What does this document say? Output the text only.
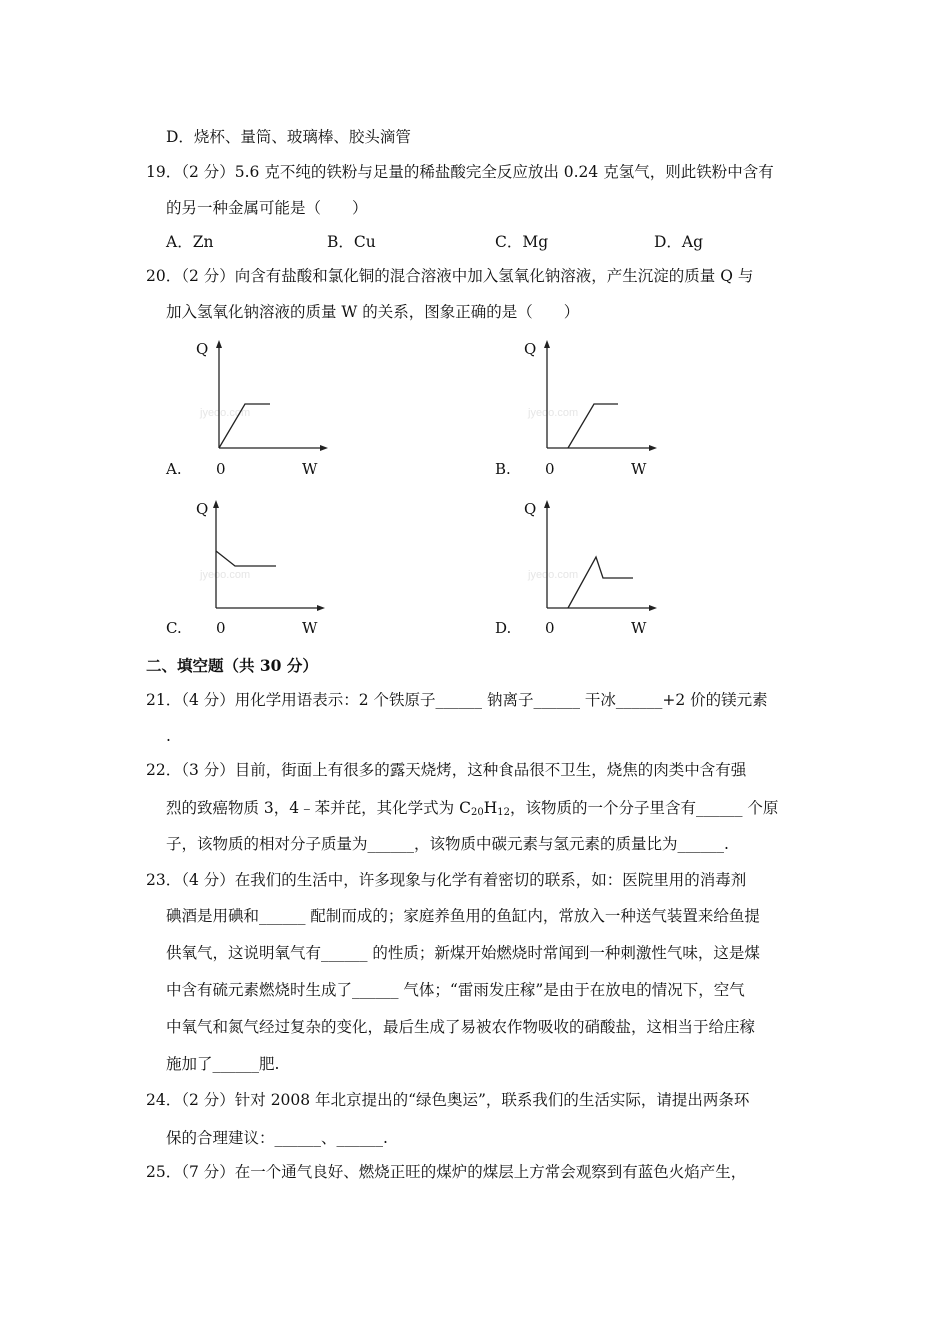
D．烧杯、量筒、玻璃棒、胶头滴管
19．（2 分）5.6 克不纯的铁粉与足量的稀盐酸完全反应放出 0.24 克氢气，则此铁粉中含有
的另一种金属可能是（　　）
A．Zn	B．Cu	C．Mg	D．Ag
20．（2 分）向含有盐酸和氯化铜的混合溶液中加入氢氧化钠溶液，产生沉淀的质量 Q 与
加入氢氧化钠溶液的质量 W 的关系，图象正确的是（　　）
A.
Q
0	W
jyeoo.com
B.
Q
0	W
jyeoo.com
C.
Q
0	W
jyeoo.com
D.
Q
0	W
jyeoo.com
二、填空题（共 30 分）
21．（4 分）用化学用语表示：2 个铁原子______ 钠离子______ 干冰______+2 价的镁元素
.
22．（3 分）目前，街面上有很多的露天烧烤，这种食品很不卫生，烧焦的肉类中含有强
烈的致癌物质 3，4﹣苯并芘，其化学式为 $C_{20}H_{12}$，该物质的一个分子里含有______ 个原
子，该物质的相对分子质量为______，该物质中碳元素与氢元素的质量比为______.
23．（4 分）在我们的生活中，许多现象与化学有着密切的联系，如：医院里用的消毒剂
碘酒是用碘和______ 配制而成的；家庭养鱼用的鱼缸内，常放入一种送气装置来给鱼提
供氧气，这说明氧气有______ 的性质；新煤开始燃烧时常闻到一种刺激性气味，这是煤
中含有硫元素燃烧时生成了______ 气体；“雷雨发庄稼”是由于在放电的情况下，空气
中氧气和氮气经过复杂的变化，最后生成了易被农作物吸收的硝酸盐，这相当于给庄稼
施加了______肥.
24．（2 分）针对 2008 年北京提出的“绿色奥运”，联系我们的生活实际，请提出两条环
保的合理建议：______、______.
25．（7 分）在一个通气良好、燃烧正旺的煤炉的煤层上方常会观察到有蓝色火焰产生，
